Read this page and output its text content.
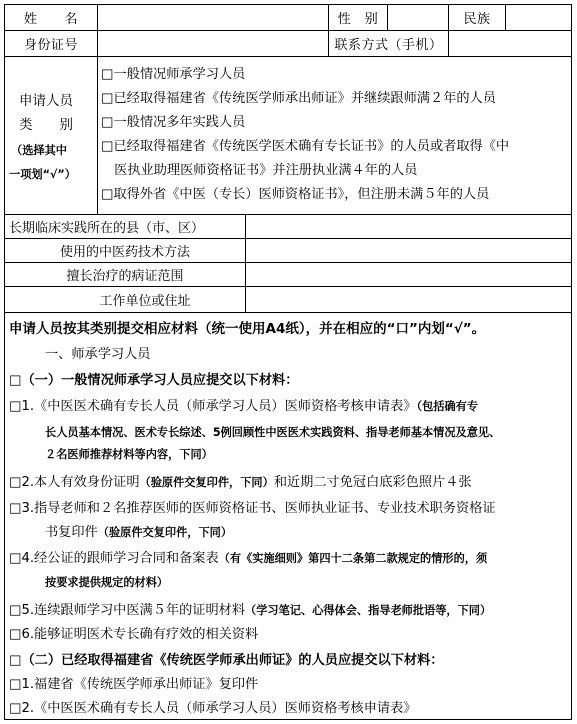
姓　　名	性　别	民族
身份证号	联系方式（手机）
申请人员
类　　别
（选择其中
一项划“√”）
□一般情况师承学习人员
□已经取得福建省《传统医学师承出师证》并继续跟师满２年的人员
□一般情况多年实践人员
□已经取得福建省《传统医学医术确有专长证书》的人员或者取得《中
　医执业助理医师资格证书》并注册执业满４年的人员
□取得外省《中医（专长）医师资格证书》，但注册未满５年的人员
长期临床实践所在的县（市、区）
使用的中医药技术方法
擅长治疗的病证范围
工作单位或住址
申请人员按其类别提交相应材料（统一使用A4纸），并在相应的“口”内划“√”。
一、师承学习人员
□（一）一般情况师承学习人员应提交以下材料：
□1.《中医医术确有专长人员（师承学习人员）医师资格考核申请表》（包括确有专
长人员基本情况、医术专长综述、5例回顾性中医医术实践资料、指导老师基本情况及意见、
２名医师推荐材料等内容，下同）
□2.本人有效身份证明（验原件交复印件，下同）和近期二寸免冠白底彩色照片４张
□3.指导老师和２名推荐医师的医师资格证书、医师执业证书、专业技术职务资格证
书复印件（验原件交复印件，下同）
□4.经公证的跟师学习合同和备案表（有《实施细则》第四十二条第二款规定的情形的，须
按要求提供规定的材料）
□5.连续跟师学习中医满５年的证明材料（学习笔记、心得体会、指导老师批语等，下同）
□6.能够证明医术专长确有疗效的相关资料
□（二）已经取得福建省《传统医学师承出师证》的人员应提交以下材料：
□1.福建省《传统医学师承出师证》复印件
□2.《中医医术确有专长人员（师承学习人员）医师资格考核申请表》
